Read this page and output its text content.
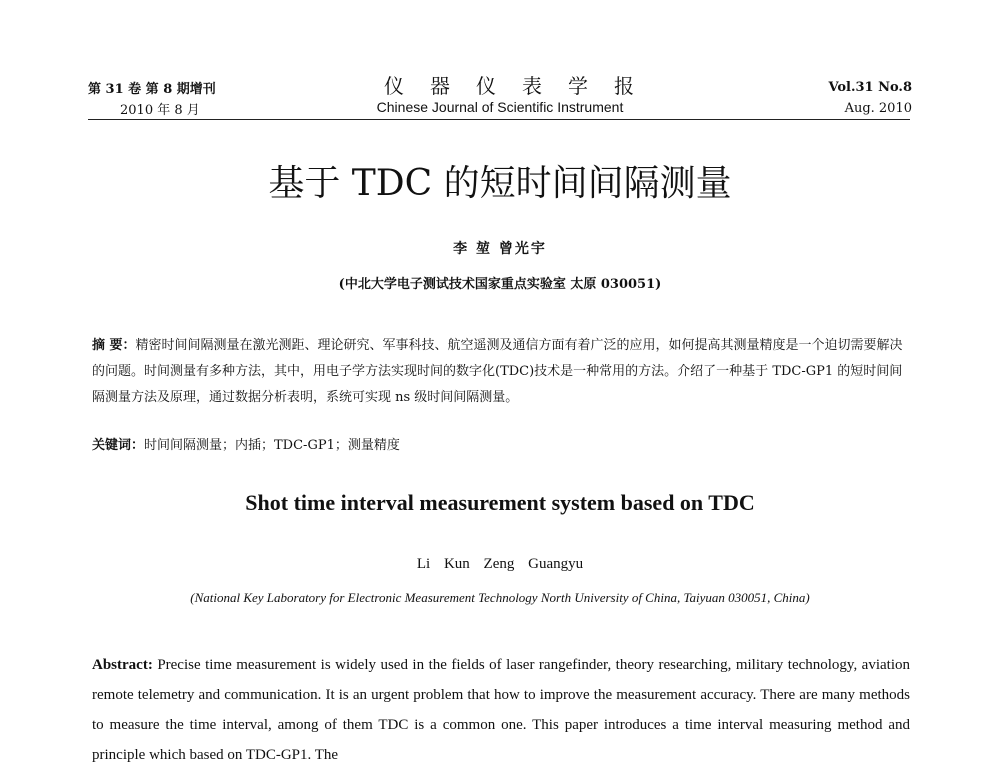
第 31 卷 第 8 期增刊
2010 年 8 月
仪器仪表学报
Chinese Journal of Scientific Instrument
Vol.31 No.8
Aug. 2010
基于 TDC 的短时间间隔测量
李 堃 曾光宇
(中北大学电子测试技术国家重点实验室 太原 030051)
摘 要：精密时间间隔测量在激光测距、理论研究、军事科技、航空遥测及通信方面有着广泛的应用，如何提高其测量精度是一个迫切需要解决的问题。时间测量有多种方法，其中，用电子学方法实现时间的数字化(TDC)技术是一种常用的方法。介绍了一种基于 TDC-GP1 的短时间间隔测量方法及原理，通过数据分析表明，系统可实现 ns 级时间间隔测量。
关键词：时间间隔测量；内插；TDC-GP1；测量精度
Shot time interval measurement system based on TDC
Li Kun Zeng Guangyu
(National Key Laboratory for Electronic Measurement Technology North University of China, Taiyuan 030051, China)
Abstract: Precise time measurement is widely used in the fields of laser rangefinder, theory researching, military technology, aviation remote telemetry and communication. It is an urgent problem that how to improve the measurement accuracy. There are many methods to measure the time interval, among of them TDC is a common one. This paper introduces a time interval measuring method and principle which based on TDC-GP1. The
